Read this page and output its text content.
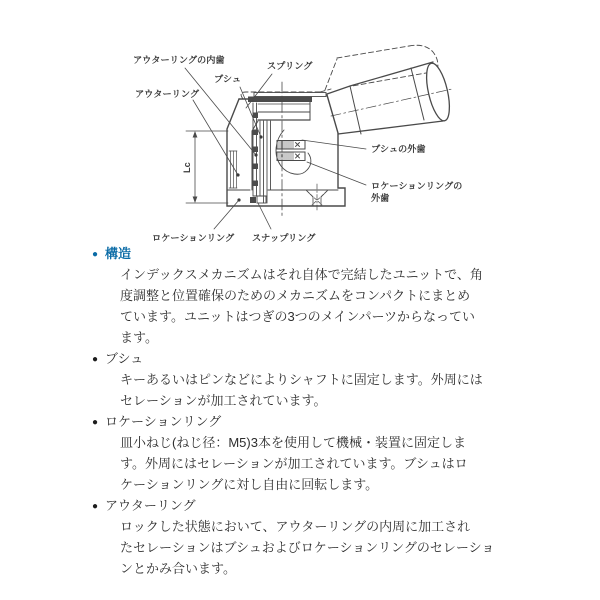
アウターリングの内歯
スプリング
ブシュ
アウターリング
ブシュの外歯
ロケーションリングの
外歯
ロケーションリング スナップリング
Lc
● 構造
インデックスメカニズムはそれ自体で完結したユニットで、角
度調整と位置確保のためのメカニズムをコンパクトにまとめ
ています。ユニットはつぎの3つのメインパーツからなってい
ます。
● ブシュ
キーあるいはピンなどによりシャフトに固定します。外周には
セレーションが加工されています。
● ロケーションリング
皿小ねじ(ねじ径：M5)3本を使用して機械・装置に固定しま
す。外周にはセレーションが加工されています。ブシュはロ
ケーションリングに対し自由に回転します。
● アウターリング
ロックした状態において、アウターリングの内周に加工され
たセレーションはブシュおよびロケーションリングのセレーショ
ンとかみ合います。
